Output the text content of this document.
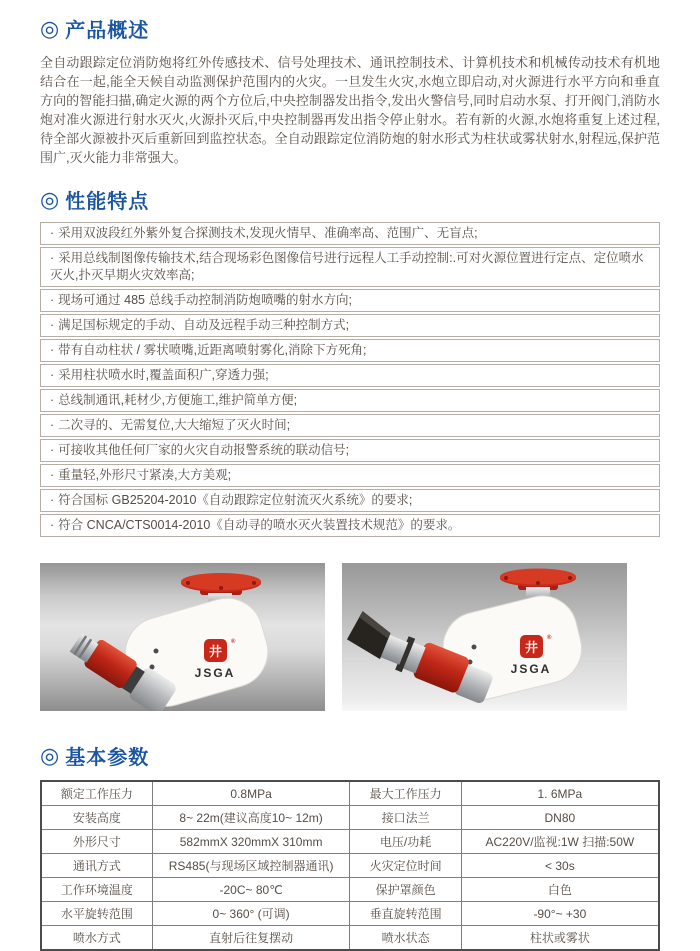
◎ 产品概述

全自动跟踪定位消防炮将红外传感技术、信号处理技术、通讯控制技术、计算机技术和机械传动技术有机地结合在一起,能全天候自动监测保护范围内的火灾。一旦发生火灾,水炮立即启动,对火源进行水平方向和垂直方向的智能扫描,确定火源的两个方位后,中央控制器发出指令,发出火警信号,同时启动水泵、打开阀门,消防水炮对准火源进行射水灭火,火源扑灭后,中央控制器再发出指令停止射水。若有新的火源,水炮将重复上述过程,待全部火源被扑灭后重新回到监控状态。全自动跟踪定位消防炮的射水形式为柱状或雾状射水,射程远,保护范围广,灭火能力非常强大。

◎ 性能特点
· 采用双波段红外紫外复合探测技术,发现火情早、准确率高、范围广、无盲点;
· 采用总线制图像传输技术,结合现场彩色图像信号进行远程人工手动控制:.可对火源位置进行定点、定位喷水灭火,扑灭早期火灾效率高;
· 现场可通过 485 总线手动控制消防炮喷嘴的射水方向;
· 满足国标规定的手动、自动及远程手动三种控制方式;
· 带有自动柱状 / 雾状喷嘴,近距离喷射雾化,消除下方死角;
· 采用柱状喷水时,覆盖面积广,穿透力强;
· 总线制通讯,耗材少,方便施工,维护简单方便;
· 二次寻的、无需复位,大大缩短了灭火时间;
· 可接收其他任何厂家的火灾自动报警系统的联动信号;
· 重量轻,外形尺寸紧凑,大方美观;
· 符合国标 GB25204-2010《自动跟踪定位射流灭火系统》的要求;
· 符合 CNCA/CTS0014-2010《自动寻的喷水灭火装置技术规范》的要求。
井
®
JSGA
井
®
JSGA
◎ 基本参数
额定工作压力	0.8MPa	最大工作压力	1. 6MPa
安装高度	8~ 22m(建议高度10~ 12m)	接口法兰	DN80
外形尺寸	582mmX 320mmX 310mm	电压/功耗	AC220V/监视:1W 扫描:50W
通讯方式	RS485(与现场区域控制器通讯)	火灾定位时间	< 30s
工作环境温度	-20C~ 80℃	保护罩颜色	白色
水平旋转范围	0~ 360° (可调)	垂直旋转范围	-90°~ +30
喷水方式	直射后往复摆动	喷水状态	柱状或雾状
